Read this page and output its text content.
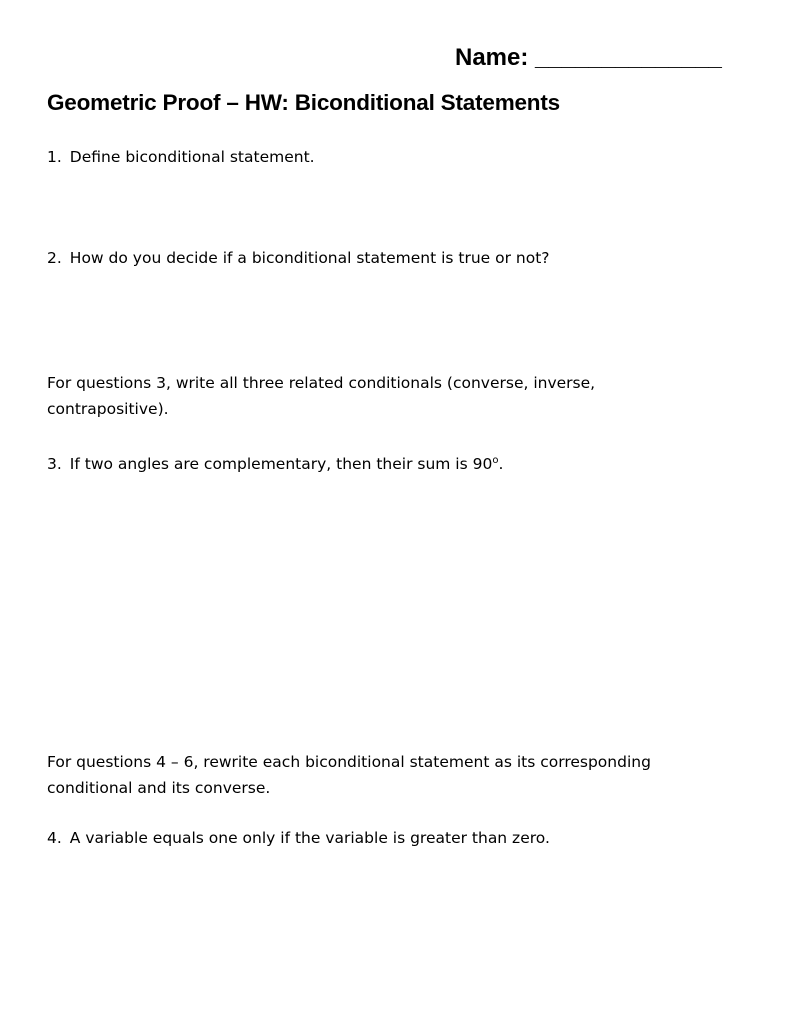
Name: ______________
Geometric Proof – HW: Biconditional Statements
1. Define biconditional statement.
2. How do you decide if a biconditional statement is true or not?
For questions 3, write all three related conditionals (converse, inverse,
contrapositive).
3. If two angles are complementary, then their sum is 90$^o$.
For questions 4 – 6, rewrite each biconditional statement as its corresponding
conditional and its converse.
4. A variable equals one only if the variable is greater than zero.
